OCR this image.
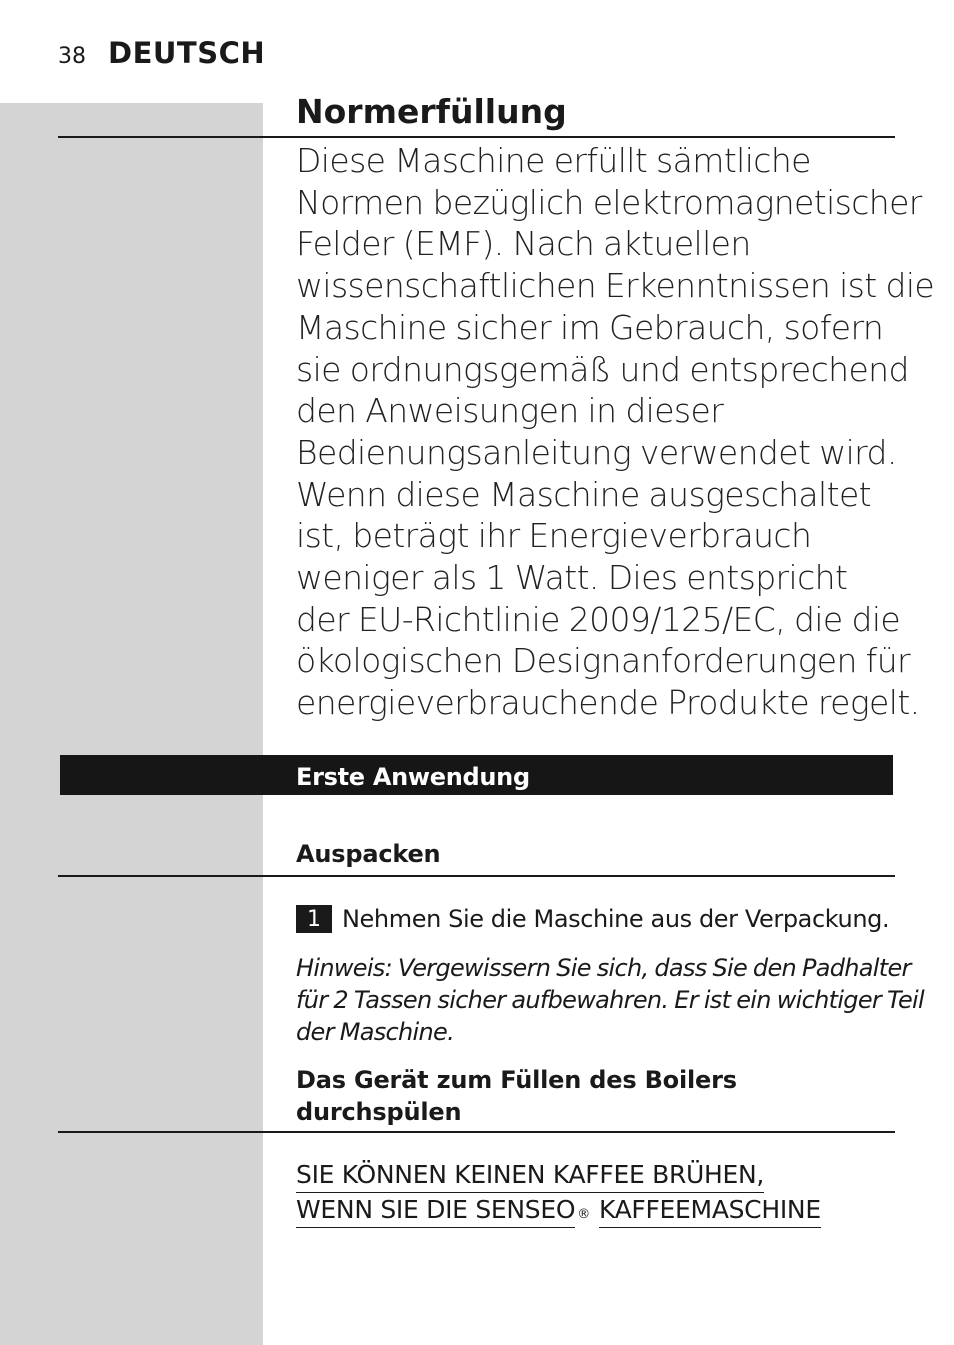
38 DEUTSCH
Normerfüllung
Diese Maschine erfüllt sämtliche
Normen bezüglich elektromagnetischer
Felder (EMF). Nach aktuellen
wissenschaftlichen Erkenntnissen ist die
Maschine sicher im Gebrauch, sofern
sie ordnungsgemäß und entsprechend
den Anweisungen in dieser
Bedienungsanleitung verwendet wird.
Wenn diese Maschine ausgeschaltet
ist, beträgt ihr Energieverbrauch
weniger als 1 Watt. Dies entspricht
der EU-Richtlinie 2009/125/EC, die die
ökologischen Designanforderungen für
energieverbrauchende Produkte regelt.
Erste Anwendung
Auspacken
1 Nehmen Sie die Maschine aus der Verpackung.
Hinweis: Vergewissern Sie sich, dass Sie den Padhalter
für 2 Tassen sicher aufbewahren. Er ist ein wichtiger Teil
der Maschine.
Das Gerät zum Füllen des Boilers
durchspülen
SIE KÖNNEN KEINEN KAFFEE BRÜHEN,
WENN SIE DIE SENSEO ® KAFFEEMASCHINE
